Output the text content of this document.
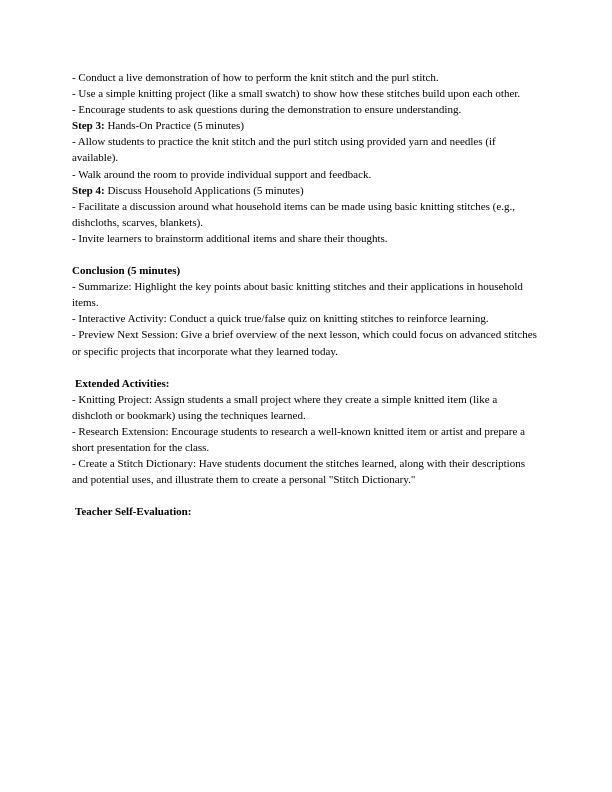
- Conduct a live demonstration of how to perform the knit stitch and the purl stitch.

- Use a simple knitting project (like a small swatch) to show how these stitches build upon each other.

- Encourage students to ask questions during the demonstration to ensure understanding.

Step 3: Hands-On Practice (5 minutes)

- Allow students to practice the knit stitch and the purl stitch using provided yarn and needles (if available).

- Walk around the room to provide individual support and feedback.

Step 4: Discuss Household Applications (5 minutes)

- Facilitate a discussion around what household items can be made using basic knitting stitches (e.g., dishcloths, scarves, blankets).

- Invite learners to brainstorm additional items and share their thoughts.

Conclusion (5 minutes)

- Summarize: Highlight the key points about basic knitting stitches and their applications in household items.

- Interactive Activity: Conduct a quick true/false quiz on knitting stitches to reinforce learning.

- Preview Next Session: Give a brief overview of the next lesson, which could focus on advanced stitches or specific projects that incorporate what they learned today.

Extended Activities:

- Knitting Project: Assign students a small project where they create a simple knitted item (like a dishcloth or bookmark) using the techniques learned.

- Research Extension: Encourage students to research a well-known knitted item or artist and prepare a short presentation for the class.

- Create a Stitch Dictionary: Have students document the stitches learned, along with their descriptions and potential uses, and illustrate them to create a personal "Stitch Dictionary."

Teacher Self-Evaluation:
